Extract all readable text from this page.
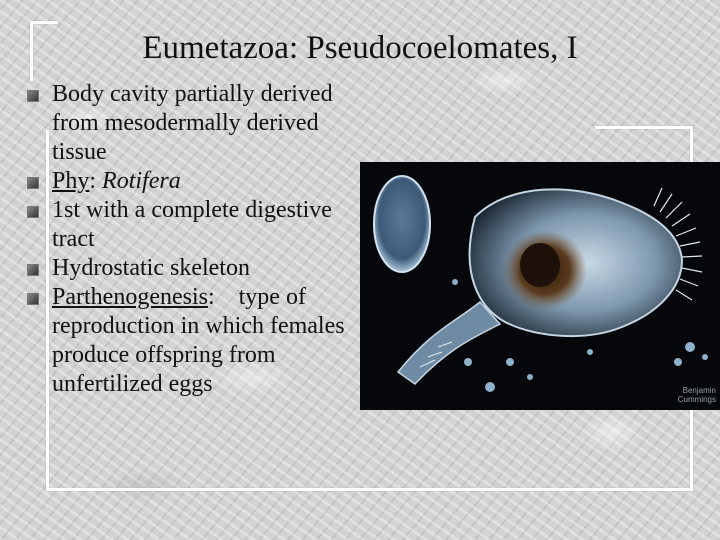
Eumetazoa: Pseudocoelomates, I
Body cavity partially derived from mesodermally derived tissue
Phy: Rotifera
1st with a complete digestive tract
Hydrostatic skeleton
Parthenogenesis:    type of reproduction in which females produce offspring from unfertilized eggs	Benjamin
Cummings
